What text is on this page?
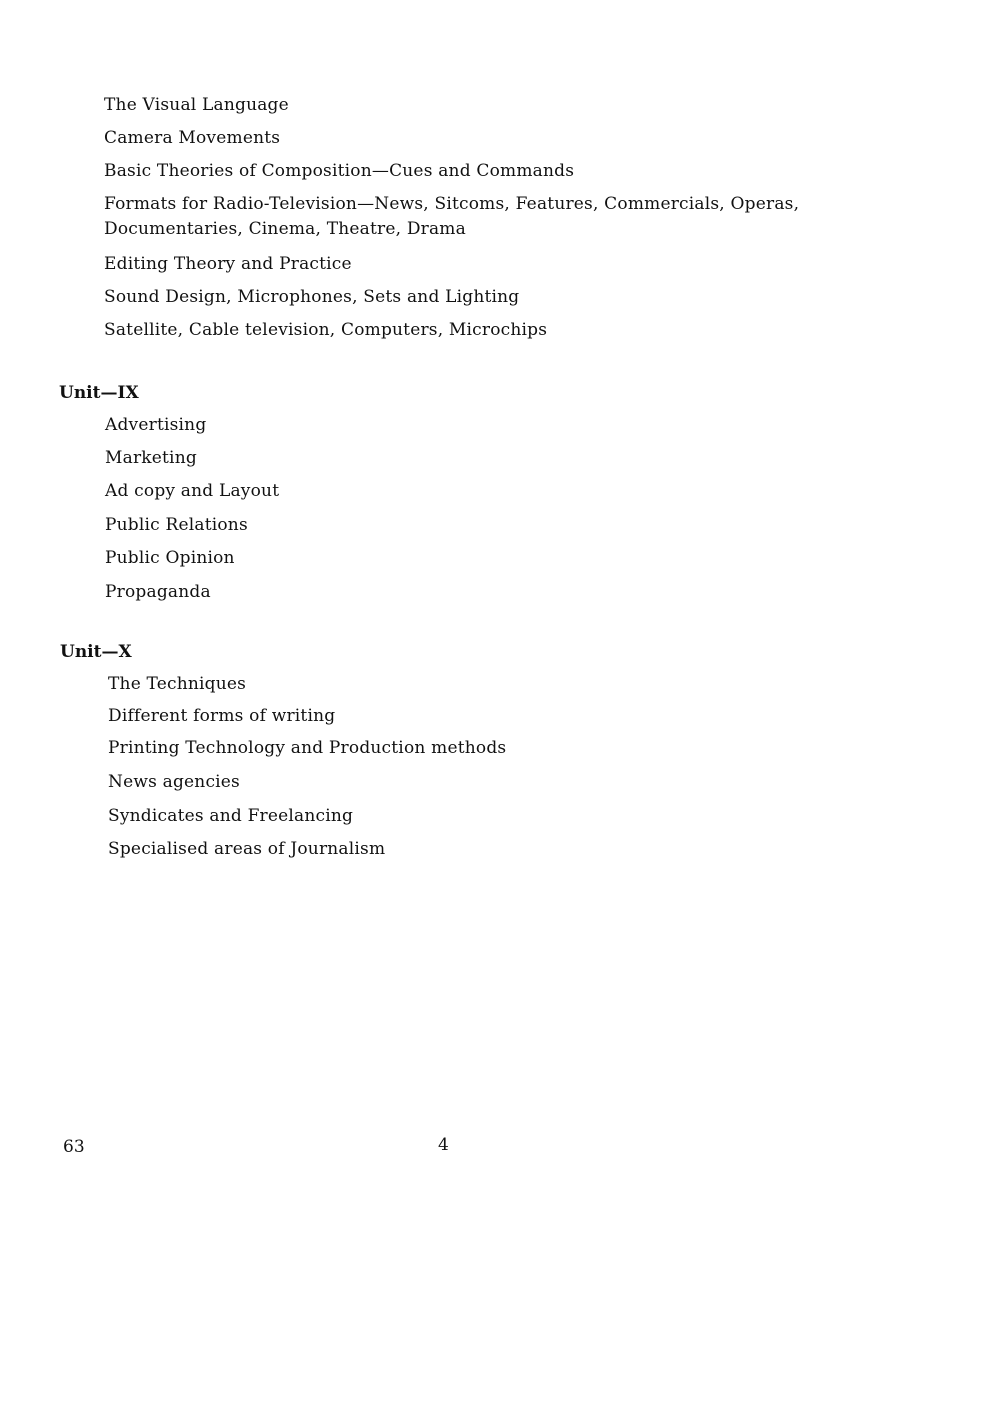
The Visual Language
Camera Movements
Basic Theories of Composition—Cues and Commands
Formats for Radio-Television—News, Sitcoms, Features, Commercials, Operas,
Documentaries, Cinema, Theatre, Drama
Editing Theory and Practice
Sound Design, Microphones, Sets and Lighting
Satellite, Cable television, Computers, Microchips
Unit—IX
Advertising
Marketing
Ad copy and Layout
Public Relations
Public Opinion
Propaganda
Unit—X
The Techniques
Different forms of writing
Printing Technology and Production methods
News agencies
Syndicates and Freelancing
Specialised areas of Journalism
63	4
